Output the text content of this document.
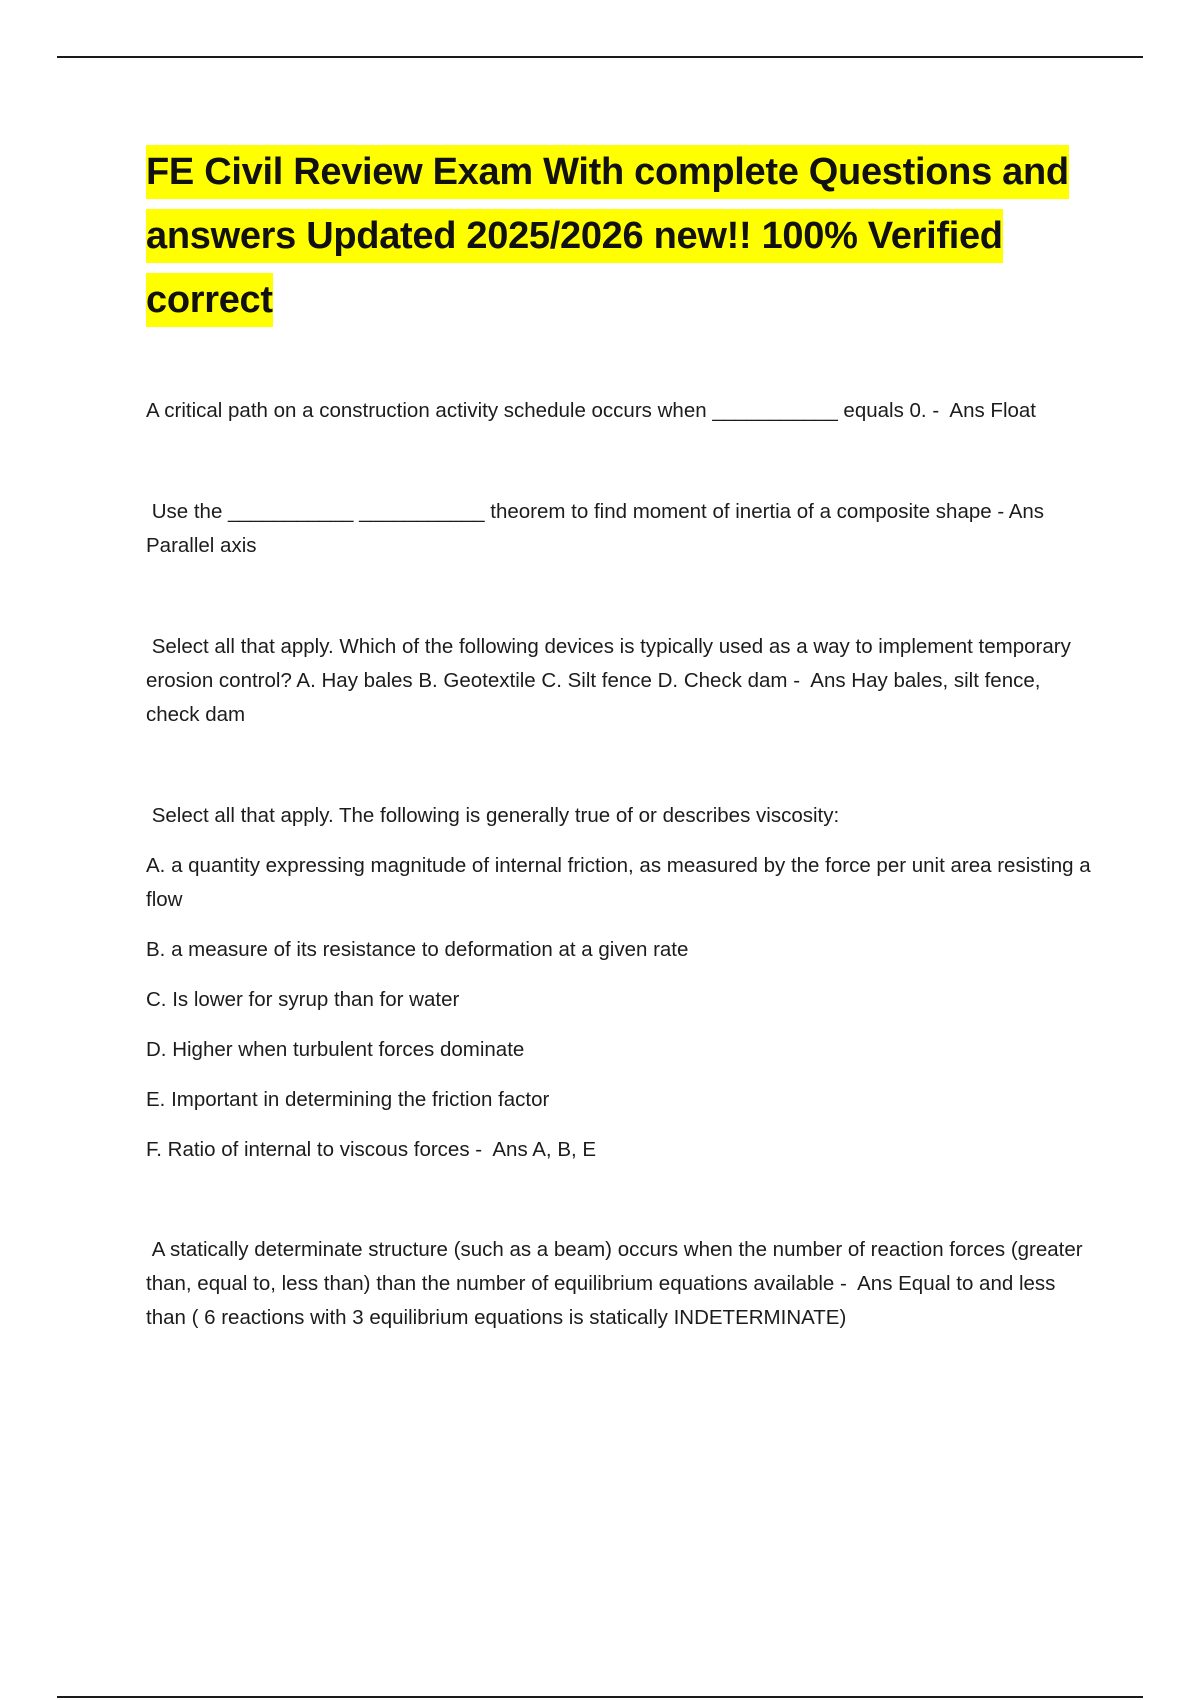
FE Civil Review Exam With complete Questions and answers Updated 2025/2026 new!! 100% Verified correct

A critical path on a construction activity schedule occurs when ___________ equals 0. -  Ans Float

Use the ___________ ___________ theorem to find moment of inertia of a composite shape - Ans Parallel axis

Select all that apply. Which of the following devices is typically used as a way to implement temporary erosion control? A. Hay bales B. Geotextile C. Silt fence D. Check dam -  Ans Hay bales, silt fence, check dam

Select all that apply. The following is generally true of or describes viscosity:

A. a quantity expressing magnitude of internal friction, as measured by the force per unit area resisting a flow

B. a measure of its resistance to deformation at a given rate

C. Is lower for syrup than for water

D. Higher when turbulent forces dominate

E. Important in determining the friction factor

F. Ratio of internal to viscous forces -  Ans A, B, E

A statically determinate structure (such as a beam) occurs when the number of reaction forces (greater than, equal to, less than) than the number of equilibrium equations available -  Ans Equal to and less than ( 6 reactions with 3 equilibrium equations is statically INDETERMINATE)
